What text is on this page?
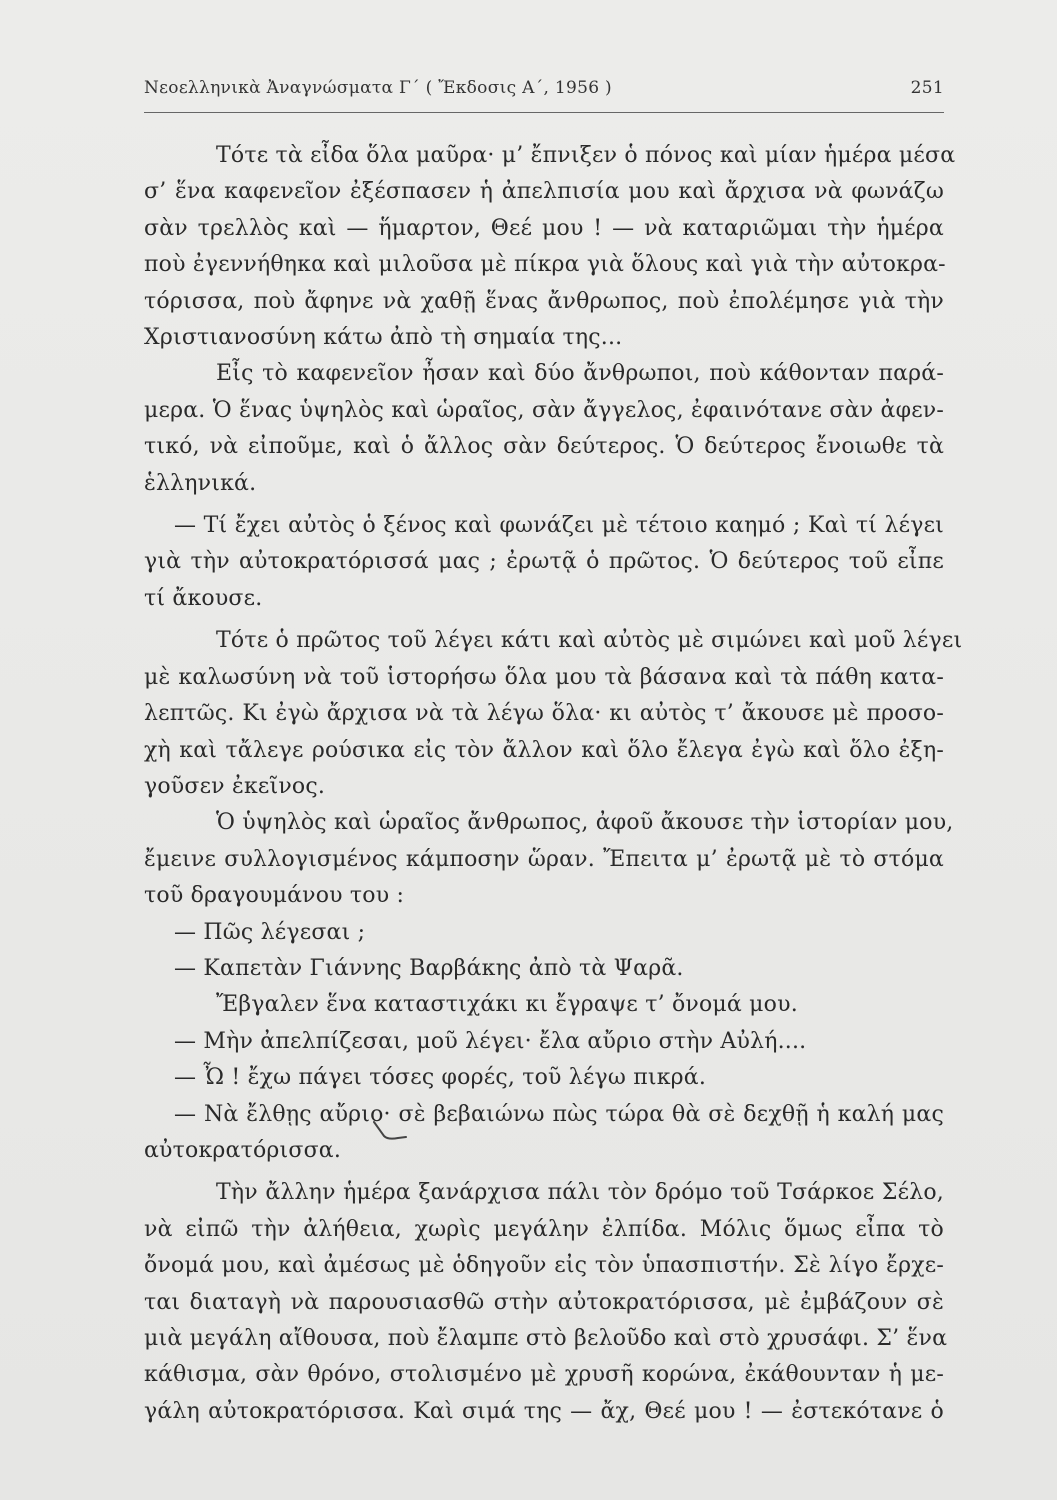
Νεοελληνικὰ Ἀναγνώσματα Γ΄ ( Ἔκδοσις Α΄, 1956 )	251

Τότε τὰ εἶδα ὅλα μαῦρα· μ’ ἔπνιξεν ὁ πόνος καὶ μίαν ἡμέρα μέσα
σ’ ἕνα καφενεῖον ἐξέσπασεν ἡ ἀπελπισία μου καὶ ἄρχισα νὰ φωνάζω
σὰν τρελλὸς καὶ — ἥμαρτον, Θεέ μου ! — νὰ καταριῶμαι τὴν ἡμέρα
ποὺ ἐγεννήθηκα καὶ μιλοῦσα μὲ πίκρα γιὰ ὅλους καὶ γιὰ τὴν αὐτοκρα-
τόρισσα, ποὺ ἄφηνε νὰ χαθῇ ἕνας ἄνθρωπος, ποὺ ἐπολέμησε γιὰ τὴν
Χριστιανοσύνη κάτω ἀπὸ τὴ σημαία της...

Εἶς τὸ καφενεῖον ἦσαν καὶ δύο ἄνθρωποι, ποὺ κάθονταν παρά-
μερα. Ὁ ἕνας ὑψηλὸς καὶ ὡραῖος, σὰν ἄγγελος, ἐφαινότανε σὰν ἀφεν-
τικό, νὰ εἰποῦμε, καὶ ὁ ἄλλος σὰν δεύτερος. Ὁ δεύτερος ἔνοιωθε τὰ
ἑλληνικά.

— Τί ἔχει αὐτὸς ὁ ξένος καὶ φωνάζει μὲ τέτοιο καημό ; Καὶ τί λέγει
γιὰ τὴν αὐτοκρατόρισσά μας ; ἐρωτᾷ ὁ πρῶτος. Ὁ δεύτερος τοῦ εἶπε
τί ἄκουσε.

Τότε ὁ πρῶτος τοῦ λέγει κάτι καὶ αὐτὸς μὲ σιμώνει καὶ μοῦ λέγει
μὲ καλωσύνη νὰ τοῦ ἱστορήσω ὅλα μου τὰ βάσανα καὶ τὰ πάθη κατα-
λεπτῶς. Κι ἐγὼ ἄρχισα νὰ τὰ λέγω ὅλα· κι αὐτὸς τ’ ἄκουσε μὲ προσο-
χὴ καὶ τἄλεγε ρούσικα εἰς τὸν ἄλλον καὶ ὅλο ἔλεγα ἐγὼ καὶ ὅλο ἐξη-
γοῦσεν ἐκεῖνος.

Ὁ ὑψηλὸς καὶ ὡραῖος ἄνθρωπος, ἀφοῦ ἄκουσε τὴν ἱστορίαν μου,
ἔμεινε συλλογισμένος κάμποσην ὥραν. Ἔπειτα μ’ ἐρωτᾷ μὲ τὸ στόμα
τοῦ δραγουμάνου του :

— Πῶς λέγεσαι ;

— Καπετὰν Γιάννης Βαρβάκης ἀπὸ τὰ Ψαρᾶ.

Ἔβγαλεν ἕνα καταστιχάκι κι ἔγραψε τ’ ὄνομά μου.

— Μὴν ἀπελπίζεσαι, μοῦ λέγει· ἔλα αὔριο στὴν Αὐλή....

— Ὦ ! ἔχω πάγει τόσες φορές, τοῦ λέγω πικρά.

— Νὰ ἔλθῃς αὔριο· σὲ βεβαιώνω πὼς τώρα θὰ σὲ δεχθῇ ἡ καλή μας
αὐτοκρατόρισσα.

Τὴν ἄλλην ἡμέρα ξανάρχισα πάλι τὸν δρόμο τοῦ Τσάρκοε Σέλο,
νὰ εἰπῶ τὴν ἀλήθεια, χωρὶς μεγάλην ἐλπίδα. Μόλις ὅμως εἶπα τὸ
ὄνομά μου, καὶ ἀμέσως μὲ ὁδηγοῦν εἰς τὸν ὑπασπιστήν. Σὲ λίγο ἔρχε-
ται διαταγὴ νὰ παρουσιασθῶ στὴν αὐτοκρατόρισσα, μὲ ἐμβάζουν σὲ
μιὰ μεγάλη αἴθουσα, ποὺ ἔλαμπε στὸ βελοῦδο καὶ στὸ χρυσάφι. Σ’ ἕνα
κάθισμα, σὰν θρόνο, στολισμένο μὲ χρυσῆ κορώνα, ἐκάθουνταν ἡ με-
γάλη αὐτοκρατόρισσα. Καὶ σιμά της — ἄχ, Θεέ μου ! — ἐστεκότανε ὁ
